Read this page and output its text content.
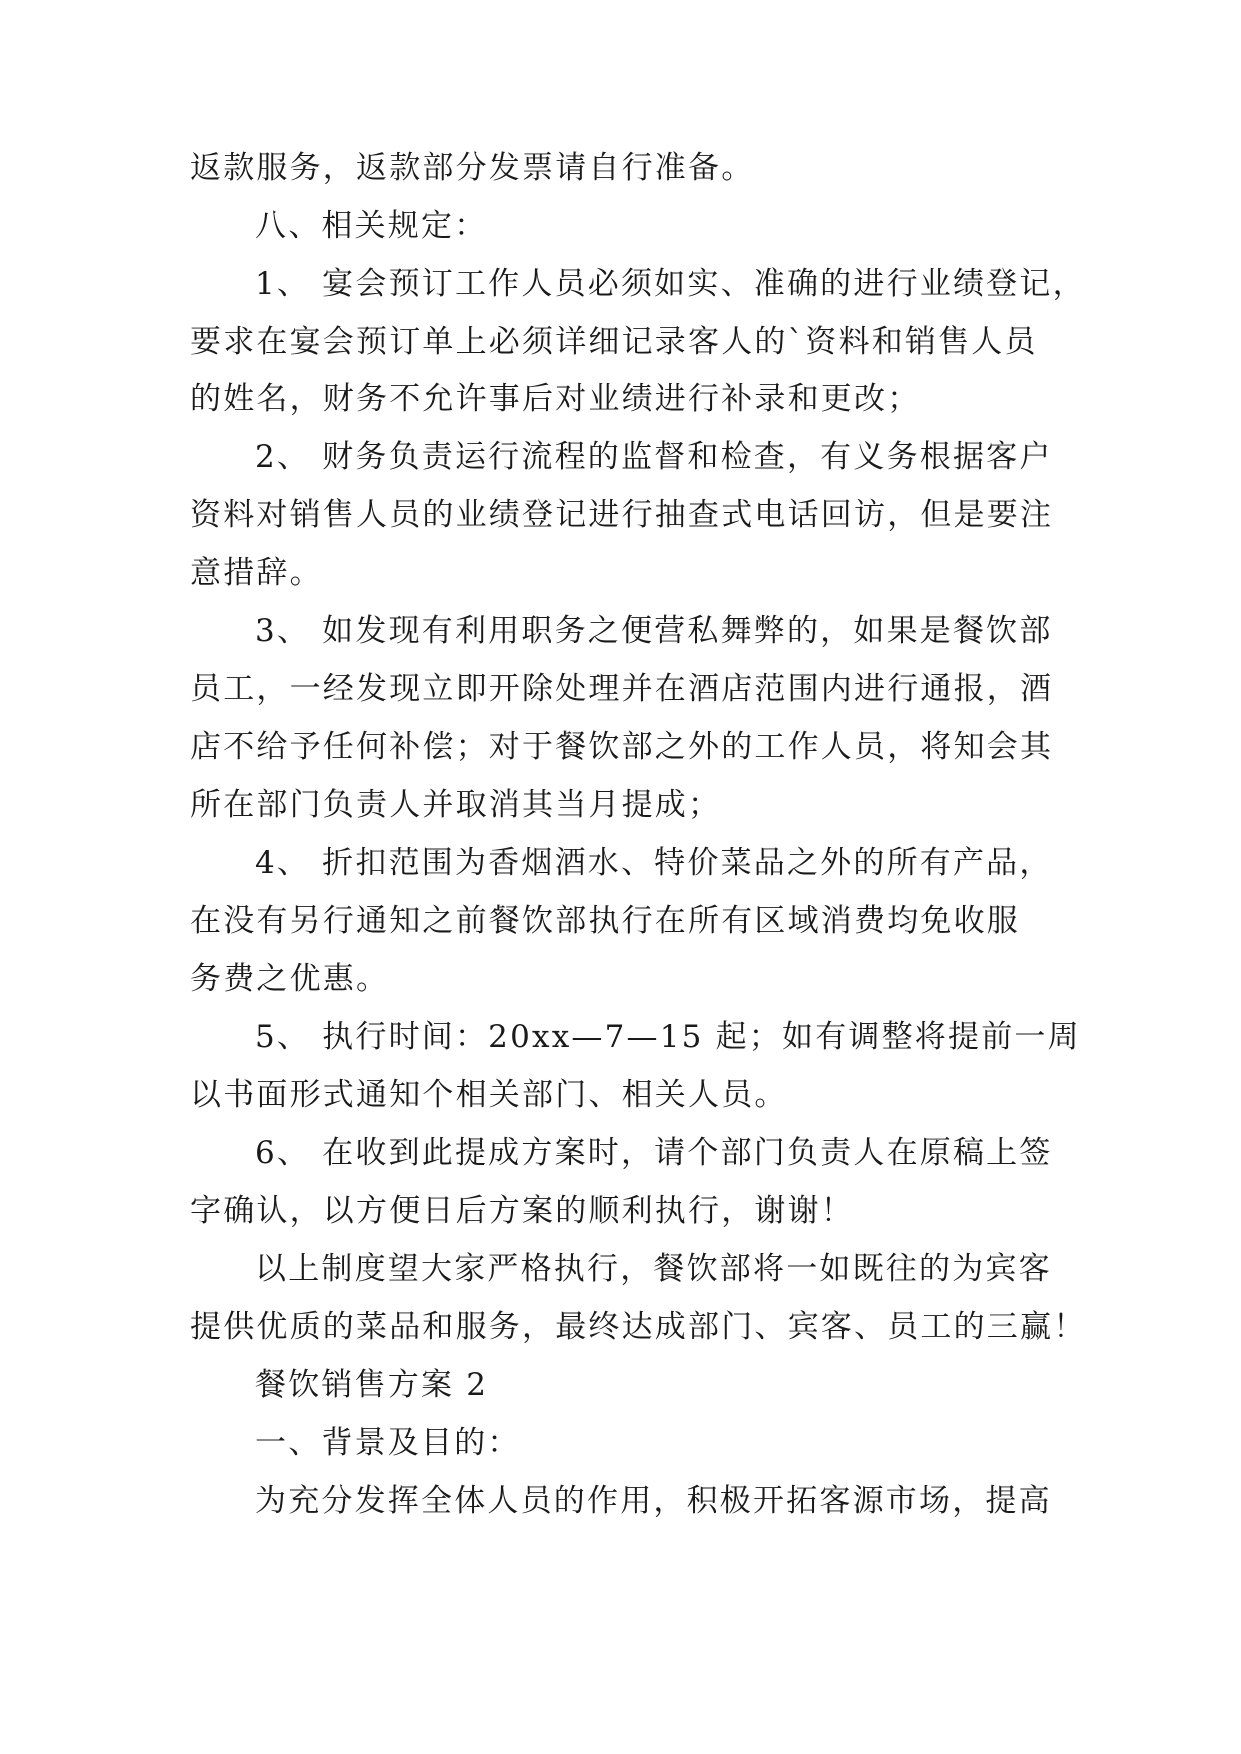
返款服务，返款部分发票请自行准备。
八、相关规定：
1、 宴会预订工作人员必须如实、准确的进行业绩登记，
要求在宴会预订单上必须详细记录客人的`资料和销售人员
的姓名，财务不允许事后对业绩进行补录和更改；
2、 财务负责运行流程的监督和检查，有义务根据客户
资料对销售人员的业绩登记进行抽查式电话回访，但是要注
意措辞。
3、 如发现有利用职务之便营私舞弊的，如果是餐饮部
员工，一经发现立即开除处理并在酒店范围内进行通报，酒
店不给予任何补偿；对于餐饮部之外的工作人员，将知会其
所在部门负责人并取消其当月提成；
4、 折扣范围为香烟酒水、特价菜品之外的所有产品，
在没有另行通知之前餐饮部执行在所有区域消费均免收服
务费之优惠。
5、 执行时间：20xx—7—15 起；如有调整将提前一周
以书面形式通知个相关部门、相关人员。
6、 在收到此提成方案时，请个部门负责人在原稿上签
字确认，以方便日后方案的顺利执行，谢谢！
以上制度望大家严格执行，餐饮部将一如既往的为宾客
提供优质的菜品和服务，最终达成部门、宾客、员工的三赢！
餐饮销售方案 2
一、背景及目的：
为充分发挥全体人员的作用，积极开拓客源市场，提高
